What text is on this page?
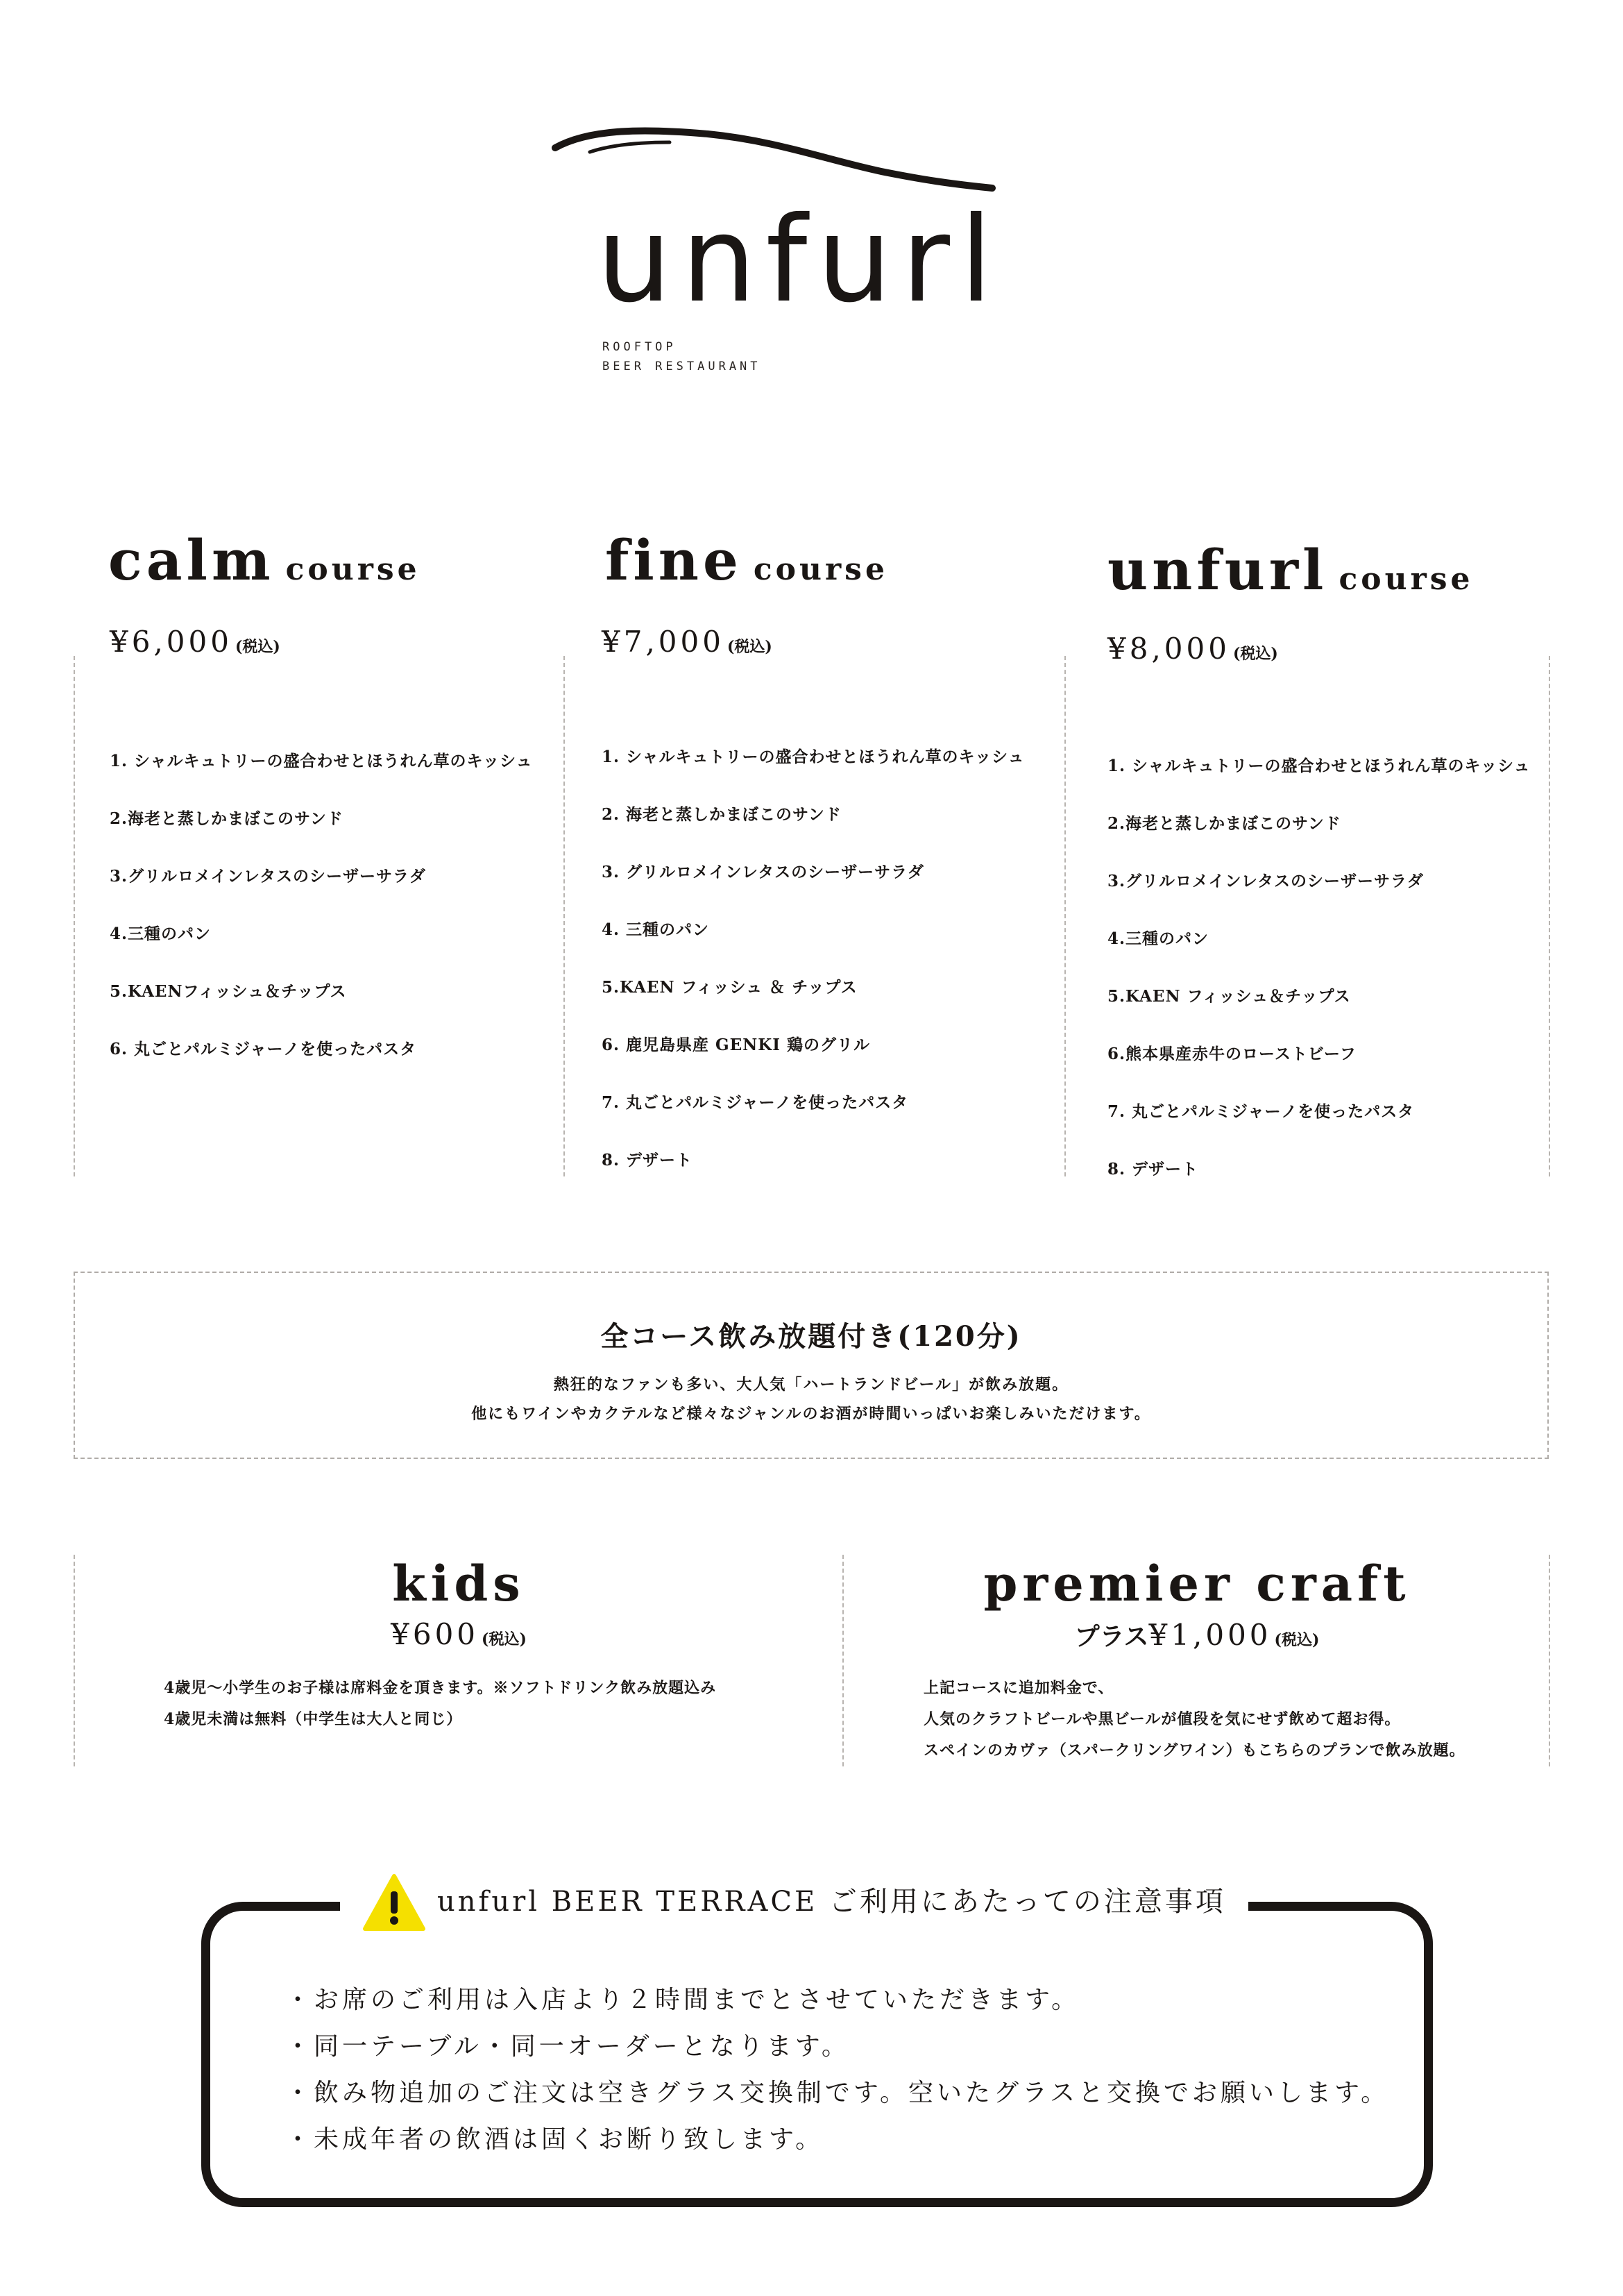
unfurl
ROOFTOP
BEER RESTAURANT
calm course
¥6,000 (税込)
1. シャルキュトリーの盛合わせとほうれん草のキッシュ
2.海老と蒸しかまぼこのサンド
3.グリルロメインレタスのシーザーサラダ
4.三種のパン
5.KAENフィッシュ＆チップス
6. 丸ごとパルミジャーノを使ったパスタ
fine course
¥7,000 (税込)
1. シャルキュトリーの盛合わせとほうれん草のキッシュ
2. 海老と蒸しかまぼこのサンド
3. グリルロメインレタスのシーザーサラダ
4. 三種のパン
5.KAEN フィッシュ ＆ チップス
6. 鹿児島県産 GENKI 鶏のグリル
7. 丸ごとパルミジャーノを使ったパスタ
8. デザート
unfurl course
¥8,000 (税込)
1. シャルキュトリーの盛合わせとほうれん草のキッシュ
2.海老と蒸しかまぼこのサンド
3.グリルロメインレタスのシーザーサラダ
4.三種のパン
5.KAEN フィッシュ＆チップス
6.熊本県産赤牛のローストビーフ
7. 丸ごとパルミジャーノを使ったパスタ
8. デザート
全コース飲み放題付き(120分)
熱狂的なファンも多い、大人気「ハートランドビール」が飲み放題。
他にもワインやカクテルなど様々なジャンルのお酒が時間いっぱいお楽しみいただけます。
kids
¥600 (税込)
4歳児～小学生のお子様は席料金を頂きます。※ソフトドリンク飲み放題込み
4歳児未満は無料（中学生は大人と同じ）
premier craft
プラス¥1,000 (税込)
上記コースに追加料金で、
人気のクラフトビールや黒ビールが値段を気にせず飲めて超お得。
スペインのカヴァ（スパークリングワイン）もこちらのプランで飲み放題。
・お席のご利用は入店より２時間までとさせていただきます。
・同一テーブル・同一オーダーとなります。
・飲み物追加のご注文は空きグラス交換制です。空いたグラスと交換でお願いします。
・未成年者の飲酒は固くお断り致します。
unfurl BEER TERRACE ご利用にあたっての注意事項
